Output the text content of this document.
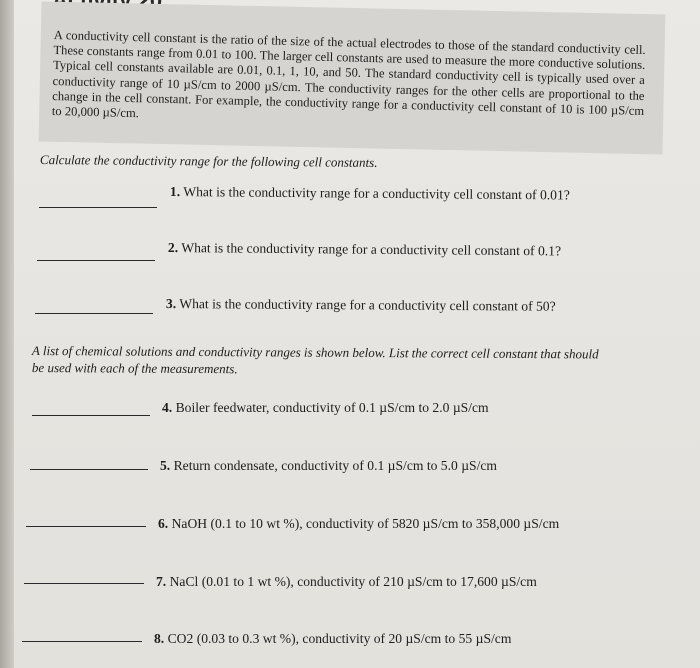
A conductivity cell constant is the ratio of the size of the actual electrodes to those of the standard conductivity cell. These constants range from 0.01 to 100. The larger cell constants are used to measure the more conductive solutions. Typical cell constants available are 0.01, 0.1, 1, 10, and 50. The standard conductivity cell is typically used over a conductivity range of 10 µS/cm to 2000 µS/cm. The conductivity ranges for the other cells are proportional to the change in the cell constant. For example, the conductivity range for a conductivity cell constant of 10 is 100 µS/cm to 20,000 µS/cm.
Calculate the conductivity range for the following cell constants.
1. What is the conductivity range for a conductivity cell constant of 0.01?
2. What is the conductivity range for a conductivity cell constant of 0.1?
3. What is the conductivity range for a conductivity cell constant of 50?
A list of chemical solutions and conductivity ranges is shown below. List the correct cell constant that should
be used with each of the measurements.
4. Boiler feedwater, conductivity of 0.1 µS/cm to 2.0 µS/cm
5. Return condensate, conductivity of 0.1 µS/cm to 5.0 µS/cm
6. NaOH (0.1 to 10 wt %), conductivity of 5820 µS/cm to 358,000 µS/cm
7. NaCl (0.01 to 1 wt %), conductivity of 210 µS/cm to 17,600 µS/cm
8. CO2 (0.03 to 0.3 wt %), conductivity of 20 µS/cm to 55 µS/cm
